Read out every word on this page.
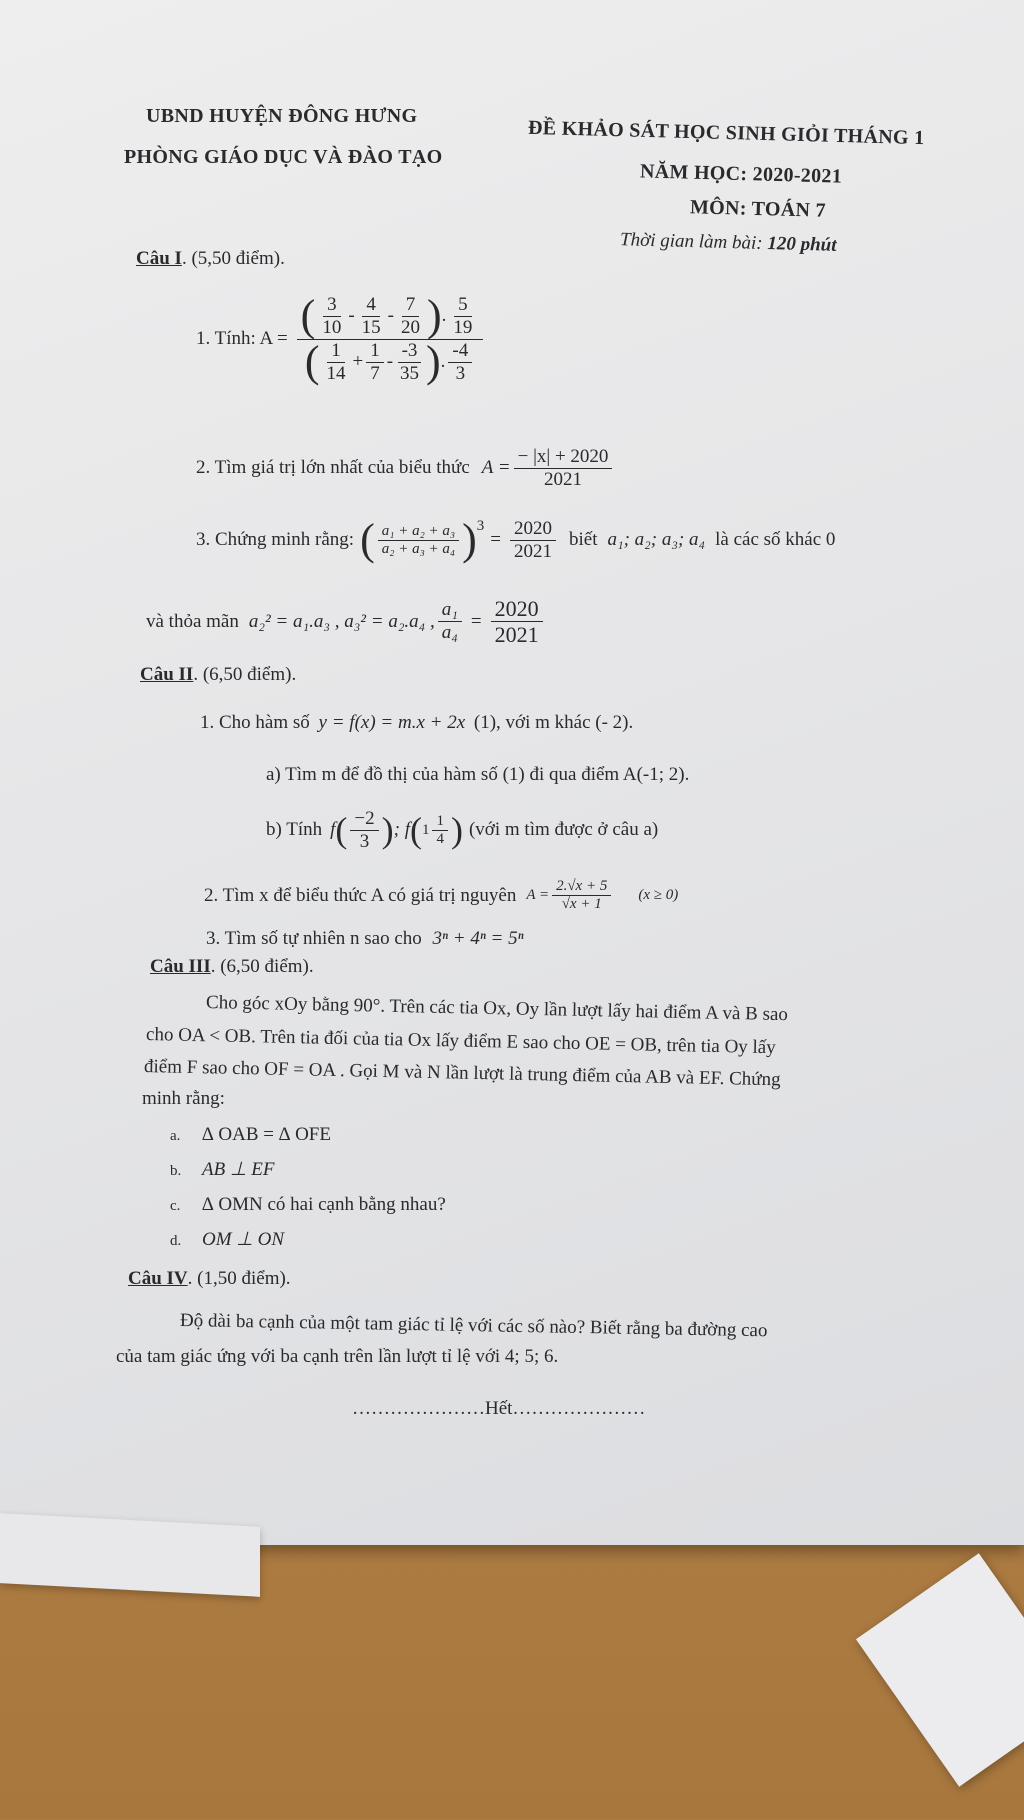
UBND HUYỆN ĐÔNG HƯNG
PHÒNG GIÁO DỤC VÀ ĐÀO TẠO
ĐỀ KHẢO SÁT HỌC SINH GIỎI THÁNG 1
NĂM HỌC: 2020-2021
MÔN: TOÁN 7
Thời gian làm bài: 120 phút
Câu I. (5,50 điểm).
1. Tính: A = ( $\frac{3}{10} - \frac{4}{15} - \frac{7}{20}$ ) . $\frac{5}{19}$
( $\frac{1}{14} + \frac{1}{7} - \frac{-3}{35}$ ) . $\frac{-4}{3}$
2. Tìm giá trị lớn nhất của biểu thức $A = \frac{- |x| + 2020}{2021}$
3. Chứng minh rằng: ( $\frac{\text{a₁ + a₂ + a₃}}{\text{a₂ + a₃ + a₄}} )^3$
= $\frac{2020}{2021}$ biết a₁; a₂; a₃; a₄ là các số khác 0
và thỏa mãn a₂² = a₁.a₃ , a₃² = a₂.a₄ , $\frac{\text{a₁}}{\text{a₄}} = \frac{2020}{2021}$
Câu II. (6,50 điểm).
1. Cho hàm số y = f(x) = m.x + 2x (1), với m khác (- 2).
a) Tìm m để đồ thị của hàm số (1) đi qua điểm A(-1; 2).
b) Tính f ( $\frac{-2}{3}$ ) ; f ( $1 \frac{1}{4}$ ) (với m tìm được ở câu a)
2. Tìm x để biểu thức A có giá trị nguyên $A = \frac{2.√x + 5}{√x + 1} (x \ge 0)$
3. Tìm số tự nhiên n sao cho 3ⁿ + 4ⁿ = 5ⁿ
Câu III. (6,50 điểm).
Cho góc xOy bằng 90°. Trên các tia Ox, Oy lần lượt lấy hai điểm A và B sao
cho OA < OB. Trên tia đối của tia Ox lấy điểm E sao cho OE = OB, trên tia Oy lấy
điểm F sao cho OF = OA . Gọi M và N lần lượt là trung điểm của AB và EF. Chứng
minh rằng:
a. ∆ OAB = ∆ OFE
b. AB ⊥ EF
c. ∆ OMN có hai cạnh bằng nhau?
d. OM ⊥ ON
Câu IV. (1,50 điểm).
Độ dài ba cạnh của một tam giác tỉ lệ với các số nào? Biết rằng ba đường cao
của tam giác ứng với ba cạnh trên lần lượt tỉ lệ với 4; 5; 6.
…………………Hết…………………
